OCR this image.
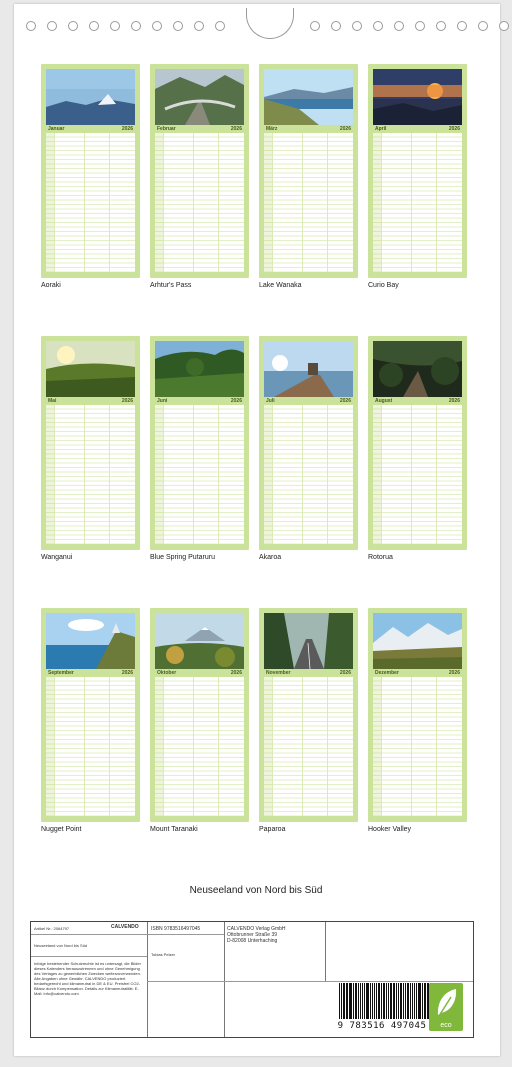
Januar	2026
Aoraki
Februar	2026
Arhtur's Pass
März	2026
Lake Wanaka
April	2026
Curio Bay
Mai	2026
Wanganui
Juni	2026
Blue Spring Putaruru
Juli	2026
Akaroa
August	2026
Rotorua
September	2026
Nugget Point
Oktober	2026
Mount Taranaki
November	2026
Paparoa
Dezember	2026
Hooker Valley
Neuseeland von Nord bis Süd
Artikel Nr.: 2064797	CALVENDO
Neuseeland von Nord bis Süd
Infolge bestehender Schutzrechte ist es untersagt, die Bilder dieses Kalenders herauszutrennen und ohne Genehmigung des Verlages zu gewerblichen Zwecken weiterzuverwenden. Alle Angaben ohne Gewähr. CALVENDO produziert bedarfsgerecht und klimaneutral in DE & EU. Preisfrei CO2-Bilanz durch Kompensation. Details zur Klimaneutralität: E-Mail: info@calvendo.com
ISBN 9783516497045
Tobias Pelzer
CALVENDO Verlag GmbH
Ottobrunner Straße 39
D-82008 Unterhaching
9 783516 497045	eco
